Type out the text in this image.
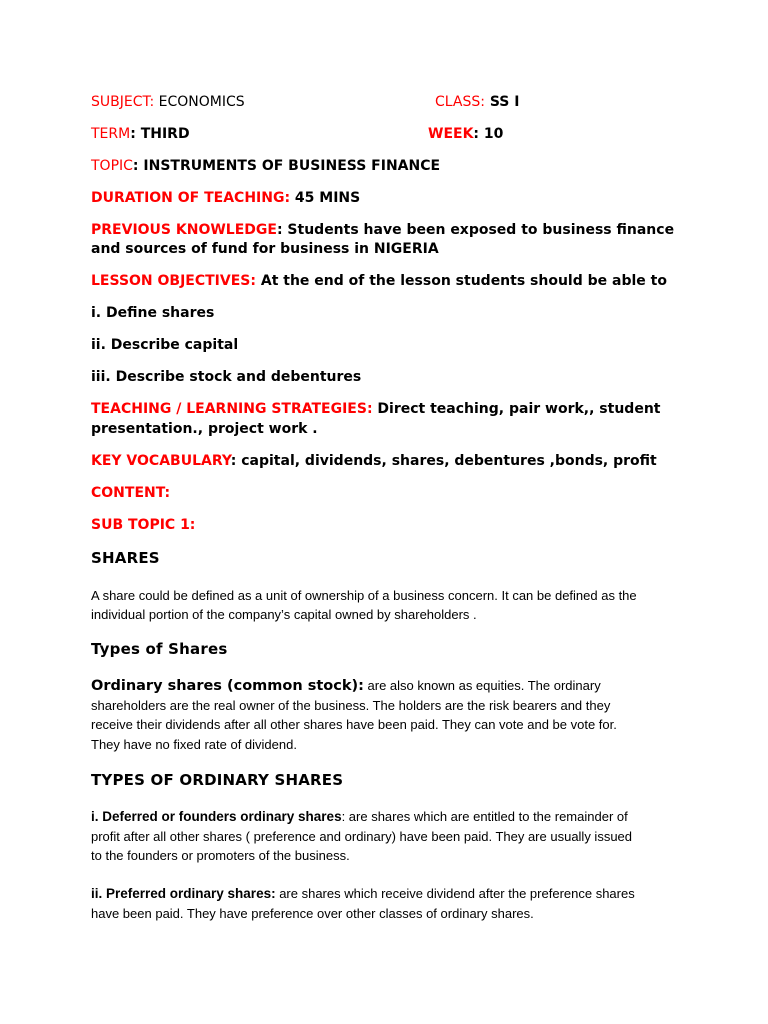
SUBJECT: ECONOMICS	CLASS: SS I
TERM: THIRD	WEEK: 10
TOPIC: INSTRUMENTS OF BUSINESS FINANCE
DURATION OF TEACHING: 45 MINS
PREVIOUS KNOWLEDGE: Students have been exposed to business finance
and sources of fund for business in NIGERIA
LESSON OBJECTIVES: At the end of the lesson students should be able to
i. Define shares
ii. Describe capital
iii. Describe stock and debentures
TEACHING / LEARNING STRATEGIES: Direct teaching, pair work,, student
presentation., project work .
KEY VOCABULARY: capital, dividends, shares, debentures ,bonds, profit
CONTENT:
SUB TOPIC 1:
SHARES
A share could be defined as a unit of ownership of a business concern. It can be defined as the
individual portion of the company’s capital owned by shareholders .
Types of Shares
Ordinary shares (common stock): are also known as equities. The ordinary
shareholders are the real owner of the business. The holders are the risk bearers and they
receive their dividends after all other shares have been paid. They can vote and be vote for.
They have no fixed rate of dividend.
TYPES OF ORDINARY SHARES
i. Deferred or founders ordinary shares: are shares which are entitled to the remainder of
profit after all other shares ( preference and ordinary) have been paid. They are usually issued
to the founders or promoters of the business.
ii. Preferred ordinary shares: are shares which receive dividend after the preference shares
have been paid. They have preference over other classes of ordinary shares.
